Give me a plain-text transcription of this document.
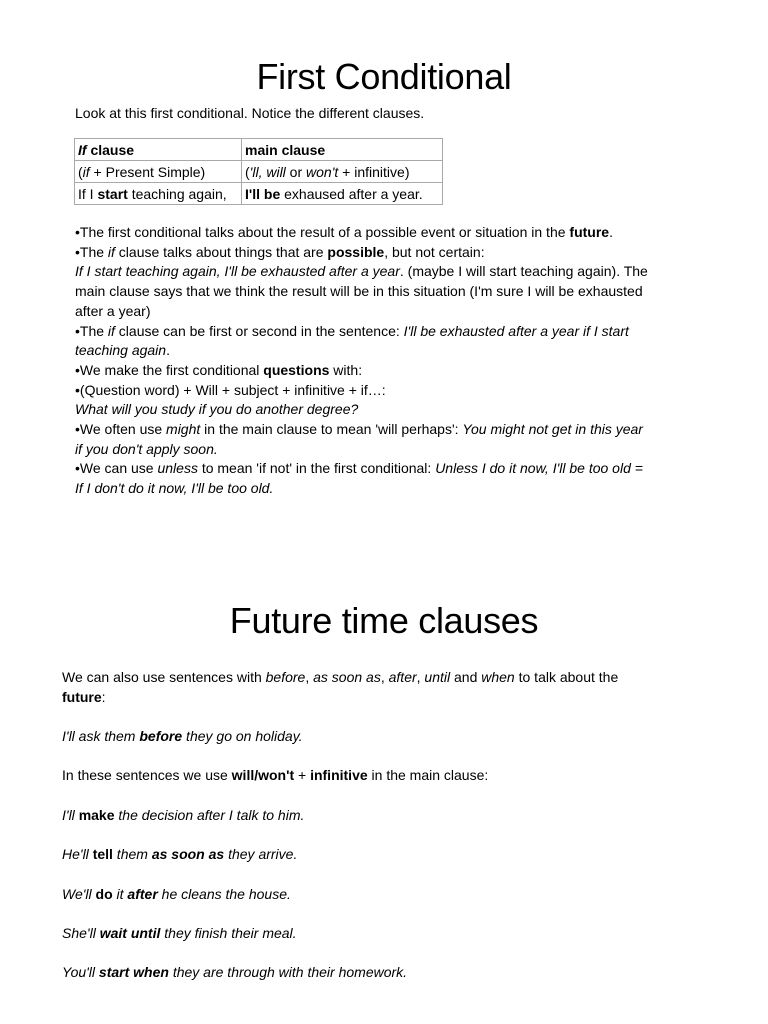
First Conditional
Look at this first conditional. Notice the different clauses.
If clause	main clause
(if + Present Simple)	('ll, will or won't + infinitive)
If I start teaching again,	I'll be exhaused after a year.

•The first conditional talks about the result of a possible event or situation in the future.

•The if clause talks about things that are possible, but not certain:

If I start teaching again, I'll be exhausted after a year. (maybe I will start teaching again). The

main clause says that we think the result will be in this situation (I'm sure I will be exhausted

after a year)

•The if clause can be first or second in the sentence: I'll be exhausted after a year if I start

teaching again.

•We make the first conditional questions with:

•(Question word) + Will + subject + infinitive + if…:

What will you study if you do another degree?

•We often use might in the main clause to mean 'will perhaps': You might not get in this year

if you don't apply soon.

•We can use unless to mean 'if not' in the first conditional: Unless I do it now, I'll be too old =

If I don't do it now, I'll be too old.

Future time clauses

We can also use sentences with before, as soon as, after, until and when to talk about the
future:

I'll ask them before they go on holiday.

In these sentences we use will/won't + infinitive in the main clause:

I'll make the decision after I talk to him.

He'll tell them as soon as they arrive.

We'll do it after he cleans the house.

She'll wait until they finish their meal.

You'll start when they are through with their homework.
